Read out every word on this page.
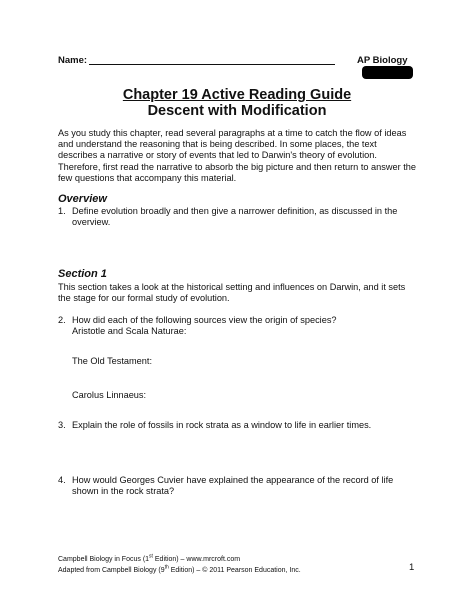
Name:	AP Biology
Chapter 19 Active Reading Guide
Descent with Modification
As you study this chapter, read several paragraphs at a time to catch the flow of ideas and understand the reasoning that is being described. In some places, the text describes a narrative or story of events that led to Darwin's theory of evolution. Therefore, first read the narrative to absorb the big picture and then return to answer the few questions that accompany this material.
Overview
1. Define evolution broadly and then give a narrower definition, as discussed in the overview.
Section 1
This section takes a look at the historical setting and influences on Darwin, and it sets the stage for our formal study of evolution.
2. How did each of the following sources view the origin of species?
Aristotle and Scala Naturae:
The Old Testament:
Carolus Linnaeus:
3. Explain the role of fossils in rock strata as a window to life in earlier times.
4. How would Georges Cuvier have explained the appearance of the record of life shown in the rock strata?
Campbell Biology in Focus (1st Edition) – www.mrcroft.com
Adapted from Campbell Biology (9th Edition) – © 2011 Pearson Education, Inc.	1
